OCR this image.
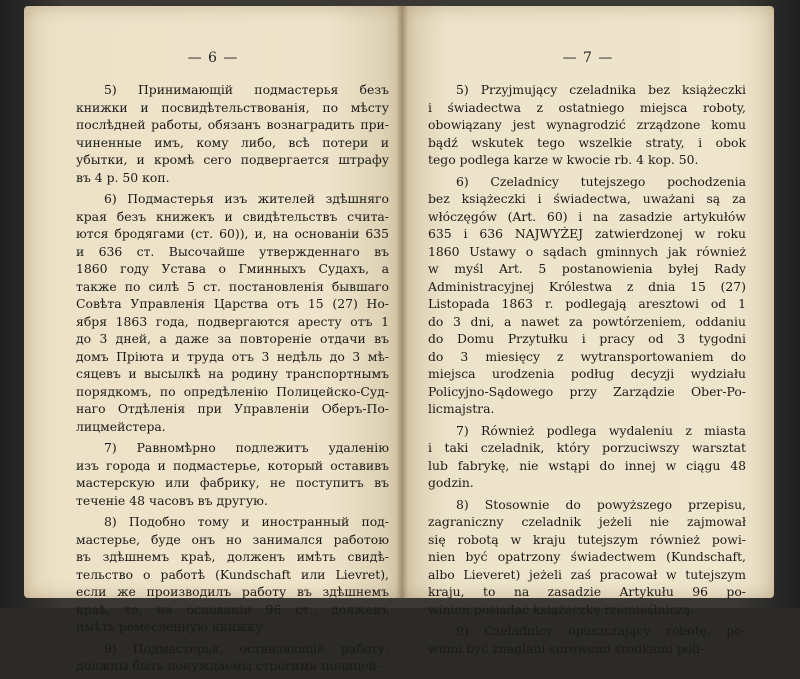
— 6 —
5) Принимающiй подмастерья безъ
книжки и посвидѣтельствованiя, по мѣсту
послѣдней работы, обязанъ вознаградить при-
чиненные имъ, кому либо, всѣ потери и
убытки, и кромѣ сего подвергается штрафу
въ 4 р. 50 коп.
6) Подмастерья изъ жителей здѣшняго
края безъ книжекъ и свидѣтельствъ счита-
ются бродягами (ст. 60)), и, на основанiи 635
и 636 ст. Высочайше утвержденнаго въ
1860 году Устава о Гминныхъ Судахъ, а
также по силѣ 5 ст. постановленiя бывшаго
Совѣта Управленiя Царства отъ 15 (27) Но-
ября 1863 года, подвергаются аресту отъ 1
до 3 дней, а даже за повторенiе отдачи въ
домъ Прiюта и труда отъ 3 недѣль до 3 мѣ-
сяцевъ и высылкѣ на родину транспортнымъ
порядкомъ, по опредѣленiю Полицейско-Суд-
наго Отдѣленiя при Управленiи Оберъ-По-
лицмейстера.
7) Равномѣрно подлежитъ удаленiю
изъ города и подмастерье, который оставивъ
мастерскую или фабрику, не поступитъ въ
теченiе 48 часовъ въ другую.
8) Подобно тому и иностранный под-
мастерье, буде онъ но занимался работою
въ здѣшнемъ краѣ, долженъ имѣть свидѣ-
тельство о работѣ (Kundschaft или Lievret),
если же производилъ работу въ здѣшнемъ
краѣ, то, на основанiи 96 ст., долженъ
имѣть ремесленную книжку.
9) Подмастерья, оставляющiе работу,
должны быть понуждаемы строгими полицей-
— 7 —
5) Przyjmujący czeladnika bez książeczki
i świadectwa z ostatniego miejsca roboty,
obowiązany jest wynagrodzić zrządzone komu
bądź wskutek tego wszelkie straty, i obok
tego podlega karze w kwocie rb. 4 kop. 50.
6) Czeladnicy tutejszego pochodzenia
bez książeczki i świadectwa, uważani są za
włóczęgów (Art. 60) i na zasadzie artykułów
635 i 636 NAJWYŻEJ zatwierdzonej w roku
1860 Ustawy o sądach gminnych jak również
w myśl Art. 5 postanowienia byłej Rady
Administracyjnej Królestwa z dnia 15 (27)
Listopada 1863 r. podlegają aresztowi od 1
do 3 dni, a nawet za powtórzeniem, oddaniu
do Domu Przytułku i pracy od 3 tygodni
do 3 miesięcy z wytransportowaniem do
miejsca urodzenia podług decyzji wydziału
Policyjno-Sądowego przy Zarządzie Ober-Po-
licmajstra.
7) Również podlega wydaleniu z miasta
i taki czeladnik, który porzuciwszy warsztat
lub fabrykę, nie wstąpi do innej w ciągu 48
godzin.
8) Stosownie do powyższego przepisu,
zagraniczny czeladnik jeżeli nie zajmował
się robotą w kraju tutejszym również powi-
nien być opatrzony świadectwem (Kundschaft,
albo Lieveret) jeżeli zaś pracował w tutejszym
kraju, to na zasadzie Artykułu 96 po-
winien posiadać książeczkę rzemieślniczą.
9) Czeladnicy opuszczający robotę, po-
winni być znaglani surowemi środkami poli-
